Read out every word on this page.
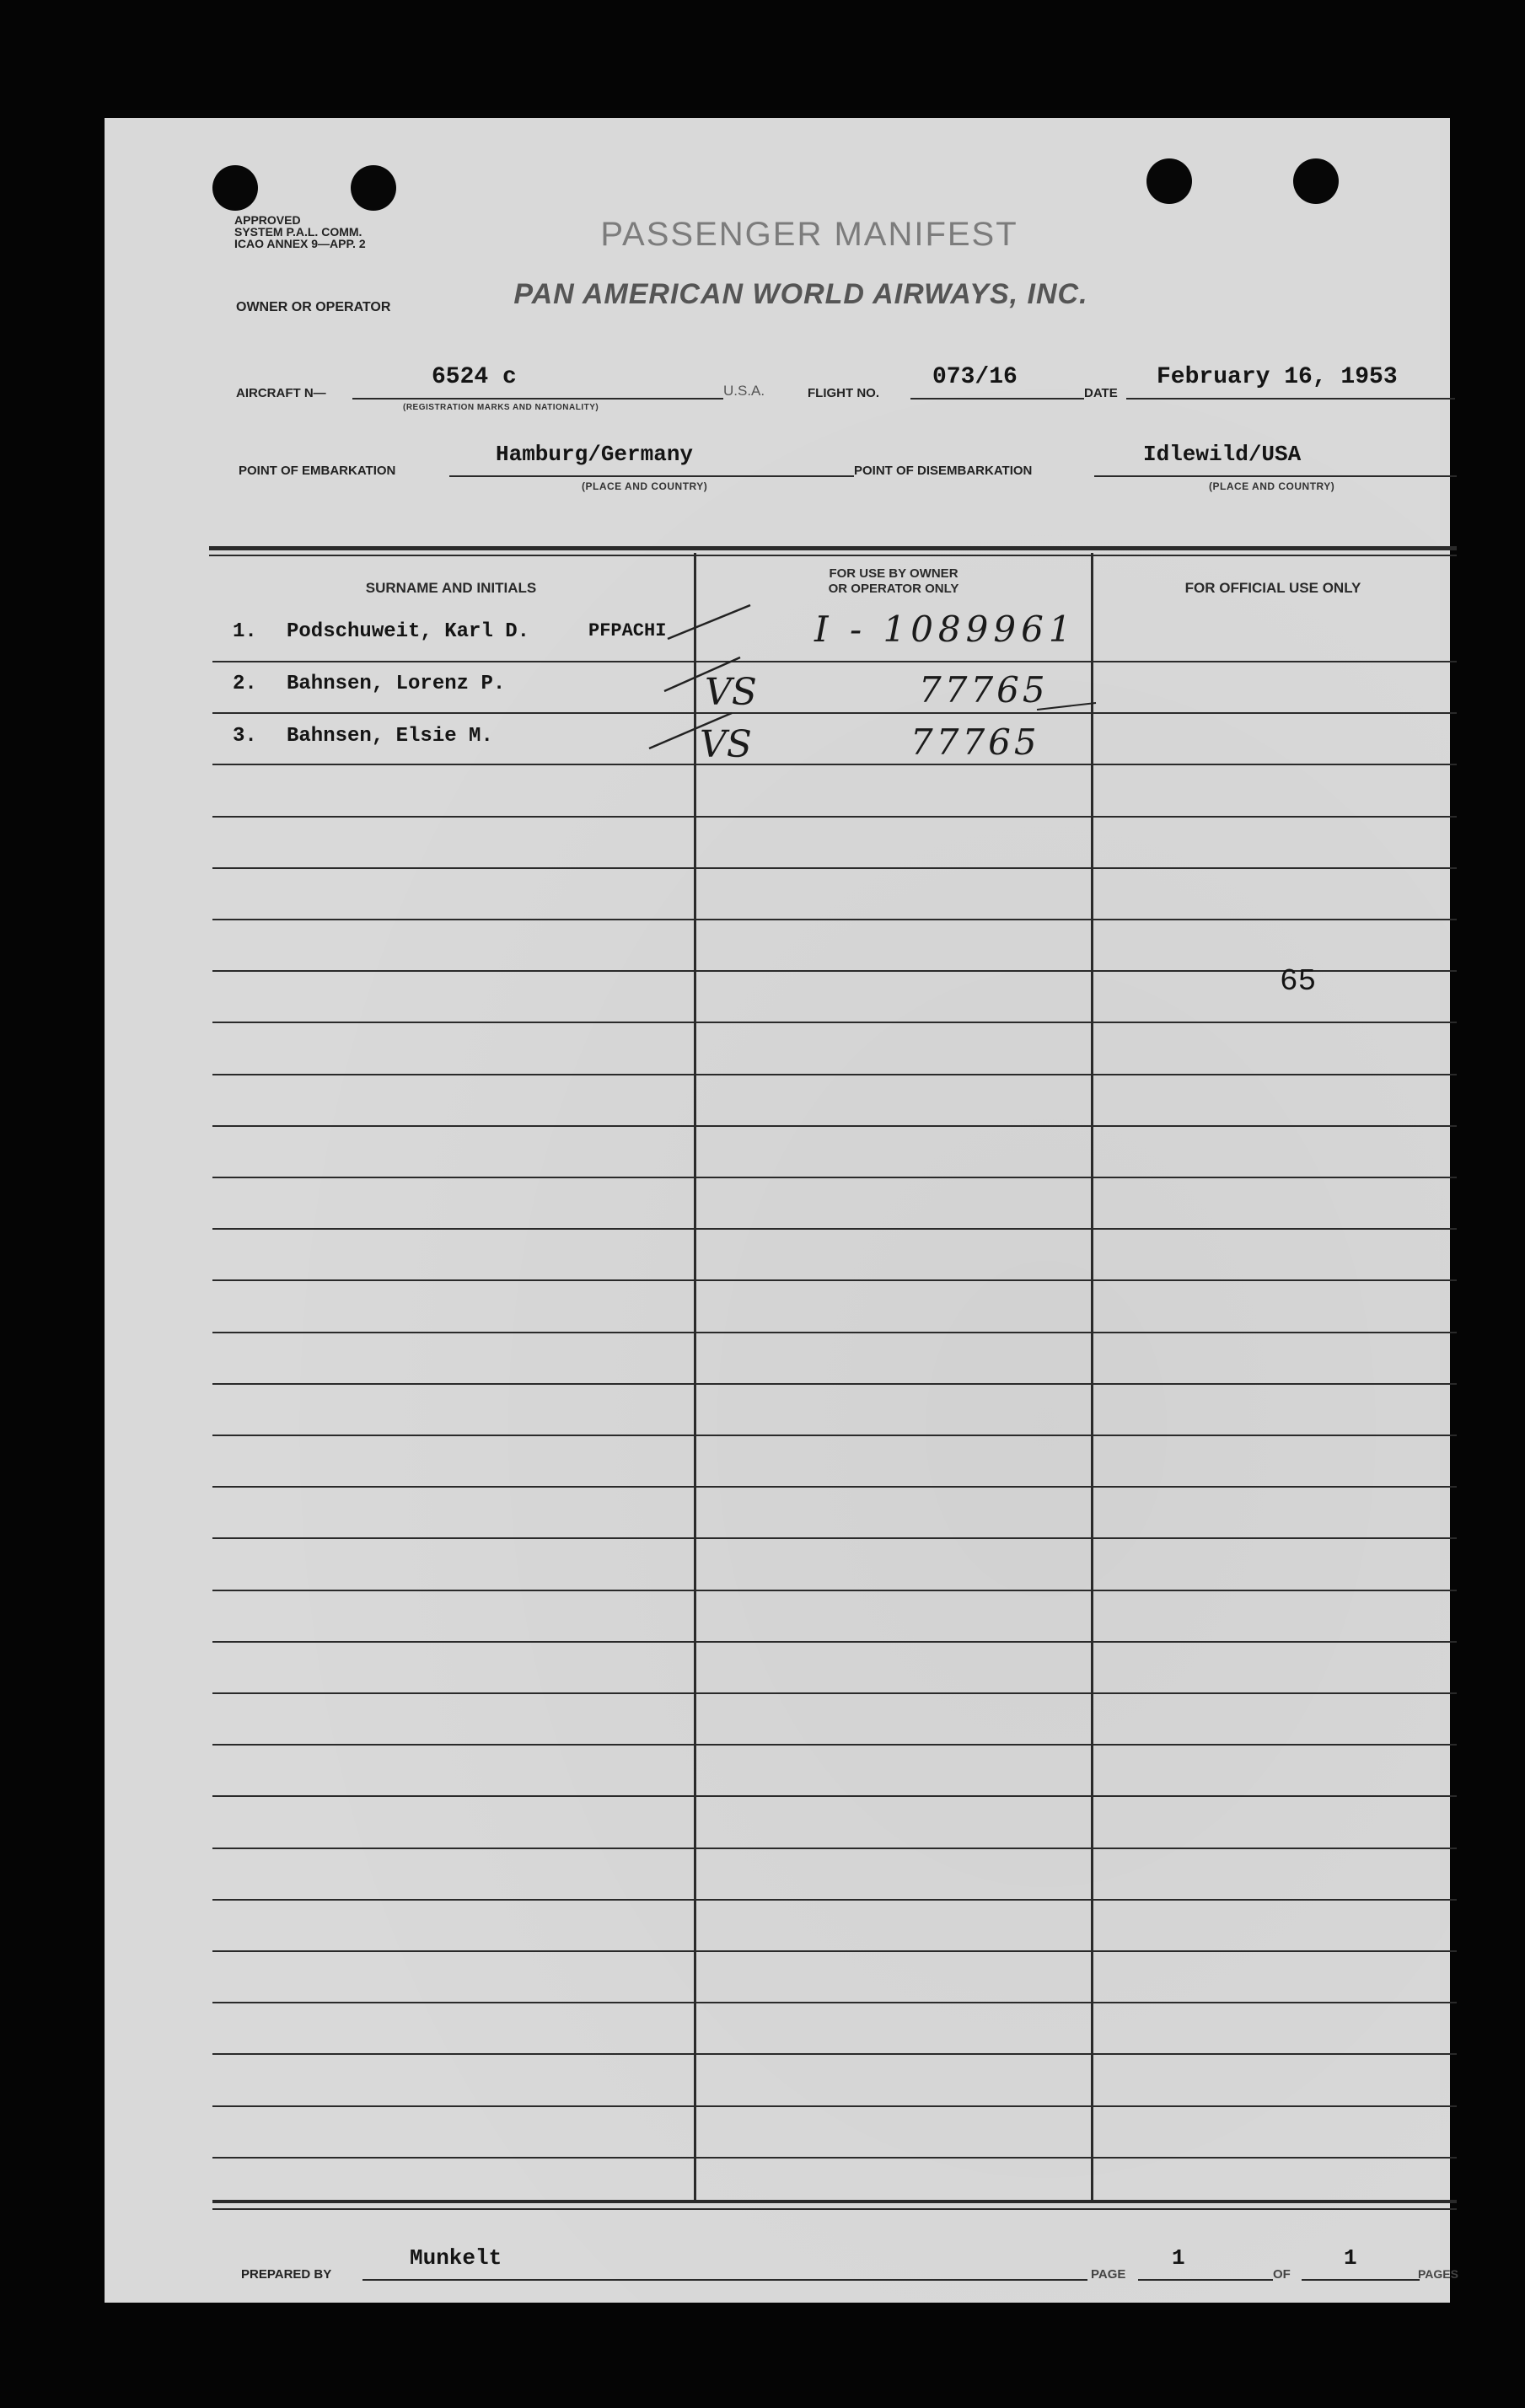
APPROVED
SYSTEM P.A.L. COMM.
ICAO ANNEX 9—APP. 2	PASSENGER MANIFEST
OWNER OR OPERATOR	PAN AMERICAN WORLD AIRWAYS, INC.
AIRCRAFT N—
6524 c
(REGISTRATION MARKS AND NATIONALITY)
U.S.A.	FLIGHT NO.
073/16
DATE
February 16, 1953
POINT OF EMBARKATION
Hamburg/Germany
(PLACE AND COUNTRY)
POINT OF DISEMBARKATION
Idlewild/USA
(PLACE AND COUNTRY)
SURNAME AND INITIALS
FOR USE BY OWNER
OR OPERATOR ONLY	FOR OFFICIAL USE ONLY
1. Podschuweit, Karl D.	PFPACHI	I - 1089961
2. Bahnsen, Lorenz P.	VS	77765
3. Bahnsen, Elsie M.	VS	77765
65
PREPARED BY
Munkelt
PAGE
1
OF
1
PAGES
